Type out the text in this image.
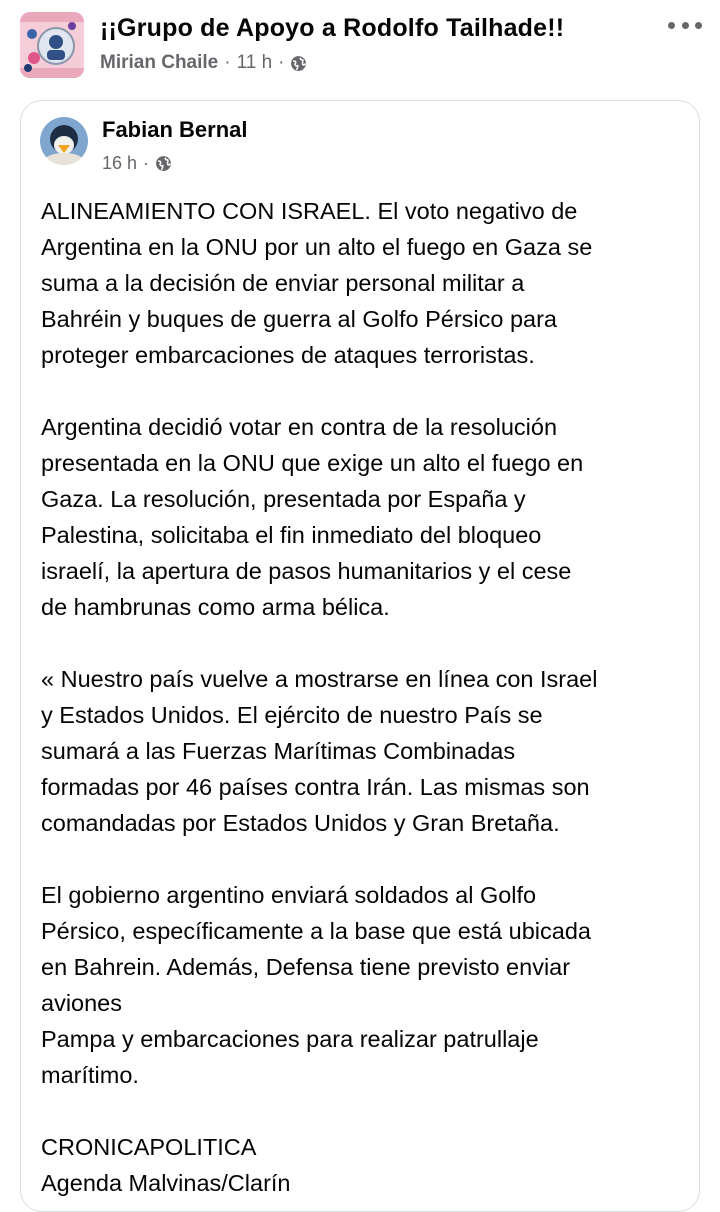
¡¡Grupo de Apoyo a Rodolfo Tailhade!!
Mirian Chaile · 11 h ·
Fabian Bernal
16 h ·

ALINEAMIENTO CON ISRAEL. El voto negativo de
Argentina en la ONU por un alto el fuego en Gaza se
suma a la decisión de enviar personal militar a
Bahréin y buques de guerra al Golfo Pérsico para
proteger embarcaciones de ataques terroristas.

Argentina decidió votar en contra de la resolución
presentada en la ONU que exige un alto el fuego en
Gaza. La resolución, presentada por España y
Palestina, solicitaba el fin inmediato del bloqueo
israelí, la apertura de pasos humanitarios y el cese
de hambrunas como arma bélica.

« Nuestro país vuelve a mostrarse en línea con Israel
y Estados Unidos. El ejército de nuestro País se
sumará a las Fuerzas Marítimas Combinadas
formadas por 46 países contra Irán. Las mismas son
comandadas por Estados Unidos y Gran Bretaña.

El gobierno argentino enviará soldados al Golfo
Pérsico, específicamente a la base que está ubicada
en Bahrein. Además, Defensa tiene previsto enviar
aviones
Pampa y embarcaciones para realizar patrullaje
marítimo.

CRONICAPOLITICA
Agenda Malvinas/Clarín
